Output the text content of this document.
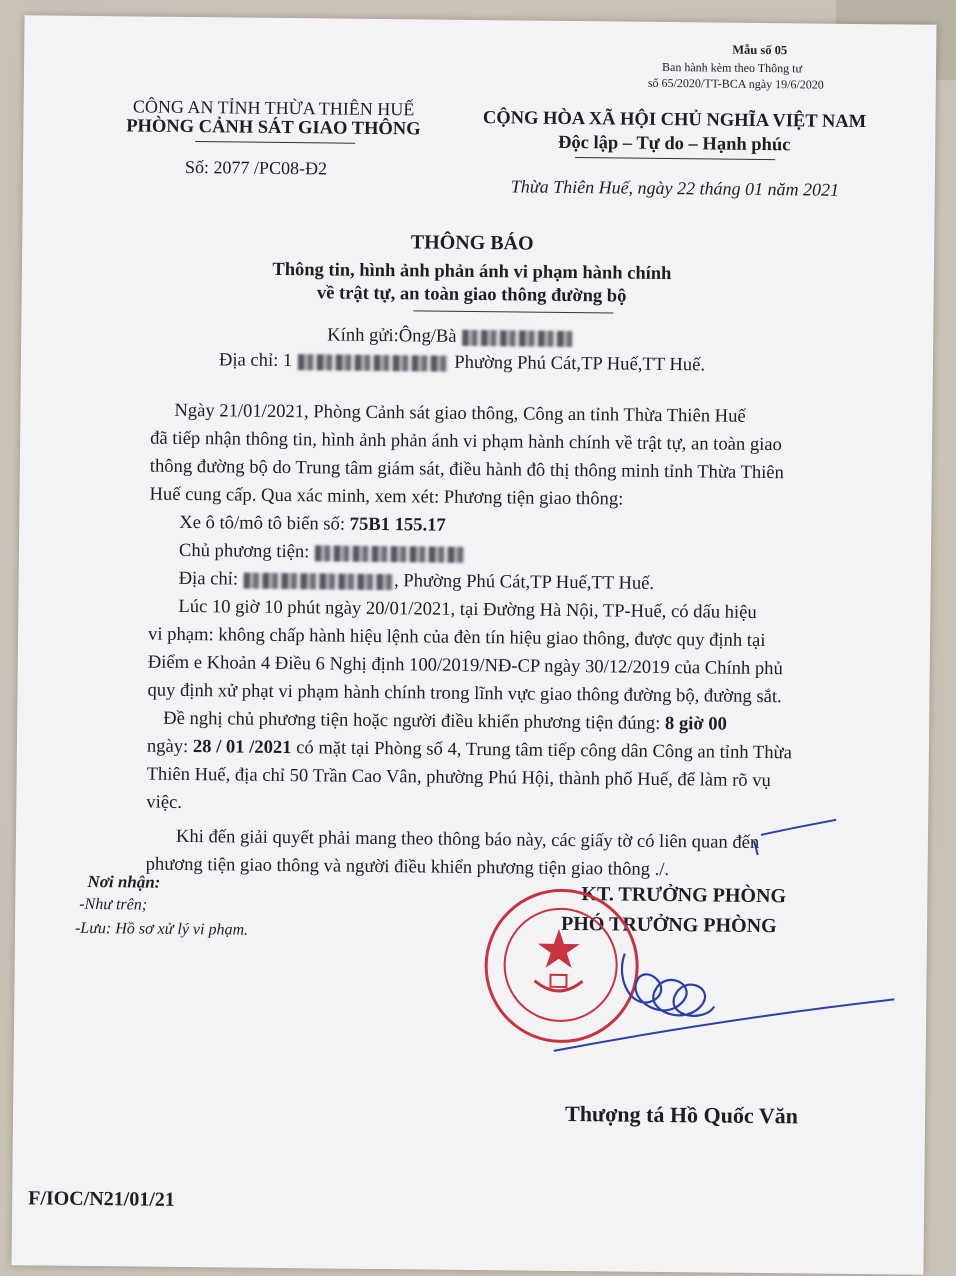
Mẫu số 05
Ban hành kèm theo Thông tư
số 65/2020/TT-BCA ngày 19/6/2020
CÔNG AN TỈNH THỪA THIÊN HUẾ
PHÒNG CẢNH SÁT GIAO THÔNG
Số: 2077 /PC08-Đ2
CỘNG HÒA XÃ HỘI CHỦ NGHĨA VIỆT NAM
Độc lập – Tự do – Hạnh phúc
Thừa Thiên Huế, ngày 22 tháng 01 năm 2021
THÔNG BÁO
Thông tin, hình ảnh phản ánh vi phạm hành chính
về trật tự, an toàn giao thông đường bộ
Kính gửi:Ông/Bà
Địa chỉ: 1	Phường Phú Cát,TP Huế,TT Huế.
Ngày 21/01/2021, Phòng Cảnh sát giao thông, Công an tỉnh Thừa Thiên Huế
đã tiếp nhận thông tin, hình ảnh phản ánh vi phạm hành chính về trật tự, an toàn giao
thông đường bộ do Trung tâm giám sát, điều hành đô thị thông minh tỉnh Thừa Thiên
Huế cung cấp. Qua xác minh, xem xét: Phương tiện giao thông:
Xe ô tô/mô tô biển số: 75B1 155.17
Chủ phương tiện:
Địa chỉ:	, Phường Phú Cát,TP Huế,TT Huế.
Lúc 10 giờ 10 phút ngày 20/01/2021, tại Đường Hà Nội, TP-Huế, có dấu hiệu
vi phạm: không chấp hành hiệu lệnh của đèn tín hiệu giao thông, được quy định tại
Điểm e Khoản 4 Điều 6 Nghị định 100/2019/NĐ-CP ngày 30/12/2019 của Chính phủ
quy định xử phạt vi phạm hành chính trong lĩnh vực giao thông đường bộ, đường sắt.
Đề nghị chủ phương tiện hoặc người điều khiển phương tiện đúng: 8 giờ 00
ngày: 28 / 01 /2021 có mặt tại Phòng số 4, Trung tâm tiếp công dân Công an tỉnh Thừa
Thiên Huế, địa chỉ 50 Trần Cao Vân, phường Phú Hội, thành phố Huế, để làm rõ vụ
việc.
Khi đến giải quyết phải mang theo thông báo này, các giấy tờ có liên quan đến
phương tiện giao thông và người điều khiển phương tiện giao thông ./.
Nơi nhận:
-Như trên;
-Lưu: Hồ sơ xử lý vi phạm.
KT. TRƯỞNG PHÒNG
PHÓ TRƯỞNG PHÒNG
Thượng tá Hồ Quốc Văn
F/IOC/N21/01/21
